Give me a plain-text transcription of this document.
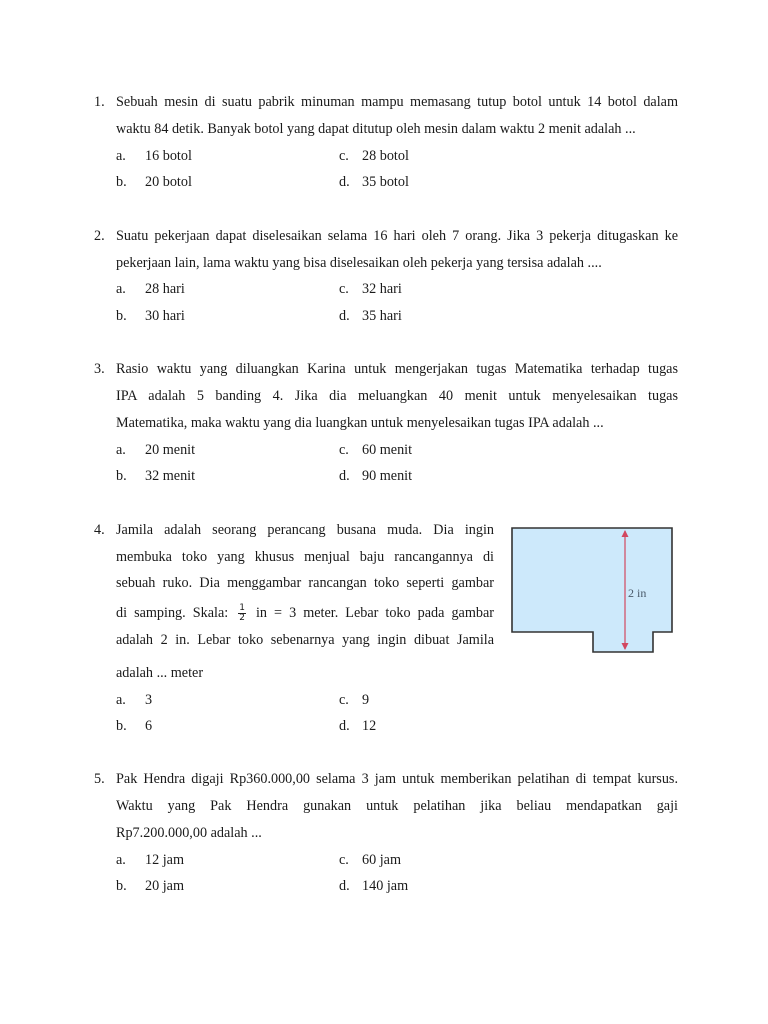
1. Sebuah mesin di suatu pabrik minuman mampu memasang tutup botol untuk 14 botol dalam
waktu 84 detik. Banyak botol yang dapat ditutup oleh mesin dalam waktu 2 menit adalah ...
a. 16 botol
b. 20 botol
c. 28 botol
d. 35 botol
2. Suatu pekerjaan dapat diselesaikan selama 16 hari oleh 7 orang. Jika 3 pekerja ditugaskan ke
pekerjaan lain, lama waktu yang bisa diselesaikan oleh pekerja yang tersisa adalah ....
a. 28 hari
b. 30 hari
c. 32 hari
d. 35 hari
3. Rasio waktu yang diluangkan Karina untuk mengerjakan tugas Matematika terhadap tugas
IPA adalah 5 banding 4. Jika dia meluangkan 40 menit untuk menyelesaikan tugas
Matematika, maka waktu yang dia luangkan untuk menyelesaikan tugas IPA adalah ...
a. 20 menit
b. 32 menit
c. 60 menit
d. 90 menit
4. Jamila adalah seorang perancang busana muda. Dia ingin
membuka toko yang khusus menjual baju rancangannya di
sebuah ruko. Dia menggambar rancangan toko seperti gambar
di samping. Skala: $\frac{1}{2}$ in = 3 meter. Lebar toko pada gambar
adalah 2 in. Lebar toko sebenarnya yang ingin dibuat Jamila
adalah ... meter
a. 3
b. 6
c. 9
d. 12
5. Pak Hendra digaji Rp360.000,00 selama 3 jam untuk memberikan pelatihan di tempat kursus.
Waktu yang Pak Hendra gunakan untuk pelatihan jika beliau mendapatkan gaji
Rp7.200.000,00 adalah ...
a. 12 jam
b. 20 jam
c. 60 jam
d. 140 jam
2 in
